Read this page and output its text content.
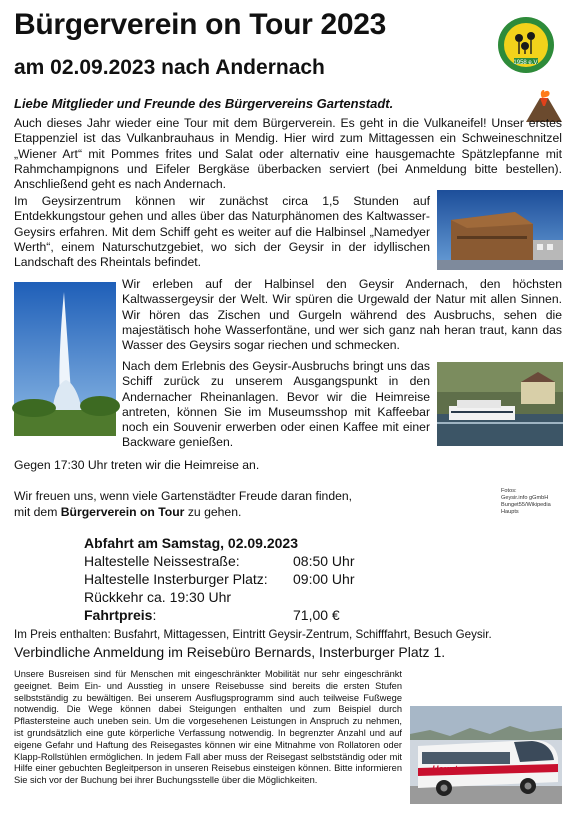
Bürgerverein on Tour 2023
am 02.09.2023 nach Andernach	1958 e.V.
Liebe Mitglieder und Freunde des Bürgervereins Gartenstadt.

Auch dieses Jahr wieder eine Tour mit dem Bürgerverein. Es geht in die Vulkaneifel! Unser erstes Etappenziel ist das Vulkanbrauhaus in Mendig. Hier wird zum Mittagessen ein Schweineschnitzel „Wiener Art“ mit Pommes frites und Salat oder alternativ eine hausgemachte Spätzlepfanne mit Rahmchampignons und Eifeler Bergkäse überbacken serviert (bei Anmeldung bitte bestellen). Anschließend geht es nach Andernach.

Im Geysirzentrum können wir zunächst circa 1,5 Stunden auf Entdekkungstour gehen und alles über das Naturphänomen des Kaltwasser-Geysirs erfahren. Mit dem Schiff geht es weiter auf die Halbinsel „Namedyer Werth“, einem Naturschutzgebiet, wo sich der Geysir in der idyllischen Landschaft des Rheintals befindet.

Wir erleben auf der Halbinsel den Geysir Andernach, den höchsten Kaltwassergeysir der Welt. Wir spüren die Urgewald der Natur mit allen Sinnen. Wir hören das Zischen und Gurgeln während des Ausbruchs, sehen die majestätisch hohe Wasserfontäne, und wer sich ganz nah heran traut, kann das Wasser des Geysirs sogar riechen und schmecken.

Nach dem Erlebnis des Geysir-Ausbruchs bringt uns das Schiff zurück zu unserem Ausgangspunkt in den Andernacher Rheinanlagen. Bevor wir die Heimreise antreten, können Sie im Museumsshop mit Kaffeebar noch ein Souvenir erwerben oder einen Kaffee mit einer Backware genießen.

Gegen 17:30 Uhr treten wir die Heimreise an.

Wir freuen uns, wenn viele Gartenstädter Freude daran finden,
mit dem Bürgerverein on Tour zu gehen.
Fotos:
Geysir.info gGmbH
Bunget55/Wikipedia
Haupts
Abfahrt am Samstag, 02.09.2023
Haltestelle Neissestraße:	08:50 Uhr
Haltestelle Insterburger Platz:	09:00 Uhr
Rückkehr ca. 19:30 Uhr
Fahrtpreis:	71,00 €
Im Preis enthalten: Busfahrt, Mittagessen, Eintritt Geysir-Zentrum, Schifffahrt, Besuch Geysir.
Verbindliche Anmeldung im Reisebüro Bernards, Insterburger Platz 1.

Unsere Busreisen sind für Menschen mit eingeschränkter Mobilität nur sehr eingeschränkt geeignet. Beim Ein- und Ausstieg in unsere Reisebusse sind bereits die ersten Stufen selbstständig zu bewältigen. Bei unserem Ausflugsprogramm sind auch teilweise Fußwege notwendig. Die Wege können dabei Steigungen enthalten und zum Beispiel durch Pflastersteine auch uneben sein. Um die vorgesehenen Leistungen in Anspruch zu nehmen, ist grundsätzlich eine gute körperliche Verfassung notwendig. In begrenzter Anzahl und auf eigene Gefahr und Haftung des Reisegastes können wir eine Mitnahme von Rollatoren oder Klapp-Rollstühlen ermöglichen. In jedem Fall aber muss der Reisegast selbstständig oder mit Hilfe einer gebuchten Begleitperson in unseren Reisebus einsteigen können. Bitte informieren Sie sich vor der Buchung bei ihrer Buchungsstelle über die Möglichkeiten.

Haupts
